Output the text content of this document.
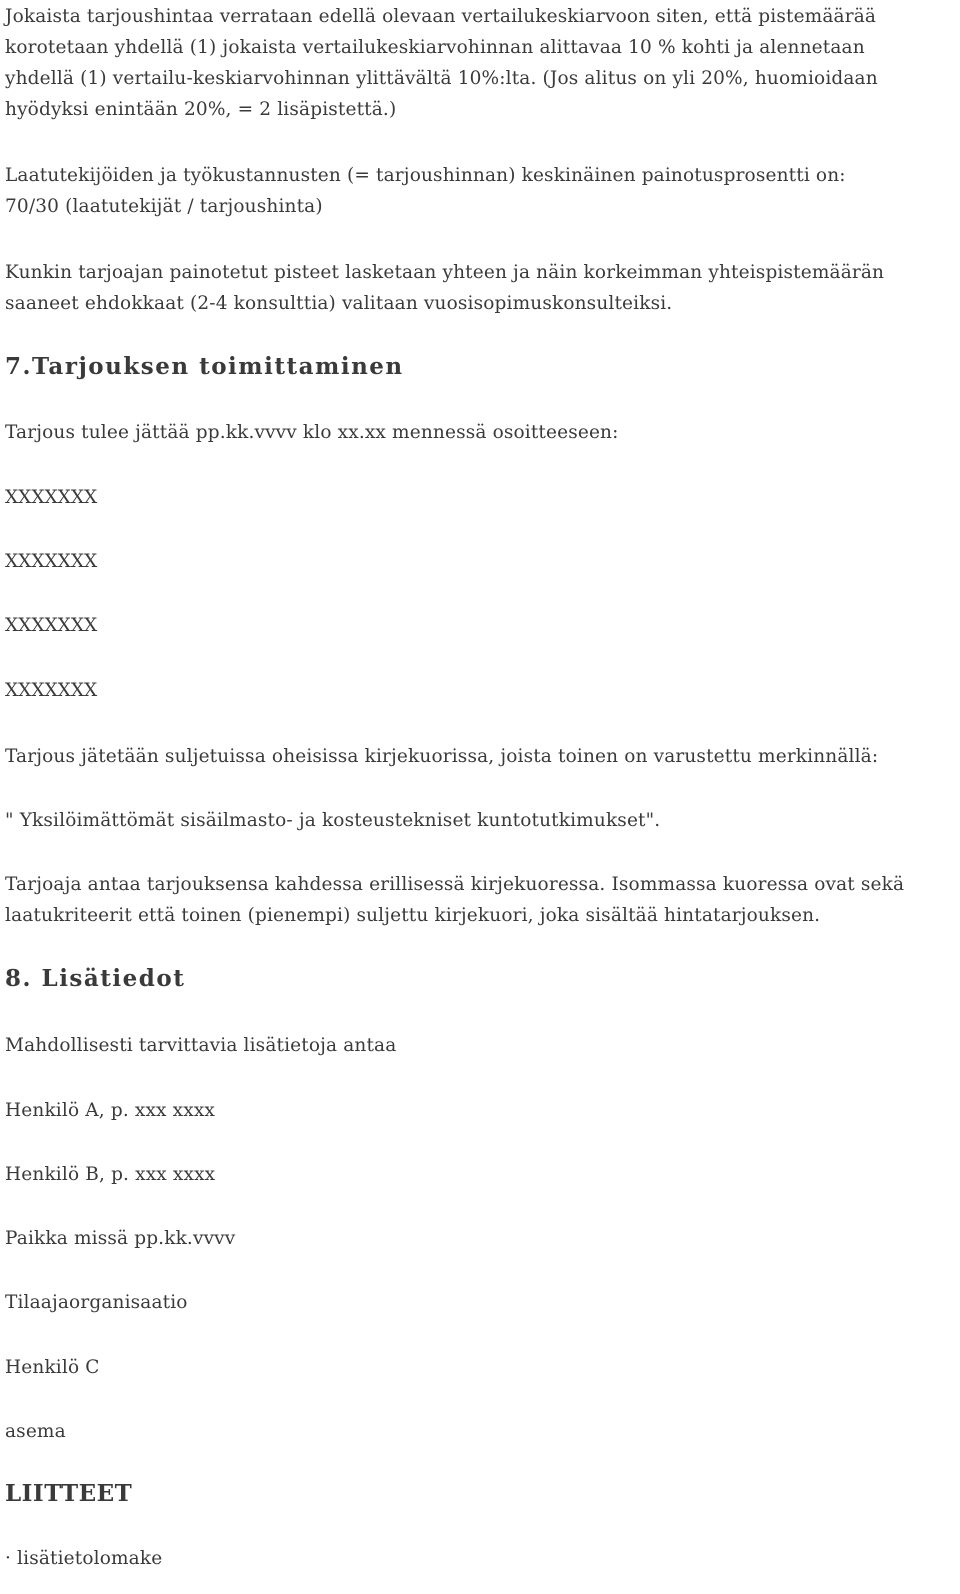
Jokaista tarjoushintaa verrataan edellä olevaan vertailukeskiarvoon siten, että pistemäärää
korotetaan yhdellä (1) jokaista vertailukeskiarvohinnan alittavaa 10 % kohti ja alennetaan
yhdellä (1) vertailu-keskiarvohinnan ylittävältä 10%:lta. (Jos alitus on yli 20%, huomioidaan
hyödyksi enintään 20%, = 2 lisäpistettä.)
Laatutekijöiden ja työkustannusten (= tarjoushinnan) keskinäinen painotusprosentti on:
70/30 (laatutekijät / tarjoushinta)
Kunkin tarjoajan painotetut pisteet lasketaan yhteen ja näin korkeimman yhteispistemäärän
saaneet ehdokkaat (2-4 konsulttia) valitaan vuosisopimuskonsulteiksi.
7.Tarjouksen toimittaminen

Tarjous tulee jättää pp.kk.vvvv klo xx.xx mennessä osoitteeseen:

XXXXXXX

XXXXXXX

XXXXXXX

XXXXXXX

Tarjous jätetään suljetuissa oheisissa kirjekuorissa, joista toinen on varustettu merkinnällä:

" Yksilöimättömät sisäilmasto- ja kosteustekniset kuntotutkimukset".

Tarjoaja antaa tarjouksensa kahdessa erillisessä kirjekuoressa. Isommassa kuoressa ovat sekä
laatukriteerit että toinen (pienempi) suljettu kirjekuori, joka sisältää hintatarjouksen.
8. Lisätiedot

Mahdollisesti tarvittavia lisätietoja antaa

Henkilö A, p. xxx xxxx

Henkilö B, p. xxx xxxx

Paikka missä pp.kk.vvvv

Tilaajaorganisaatio

Henkilö C

asema

LIITTEET

· lisätietolomake
